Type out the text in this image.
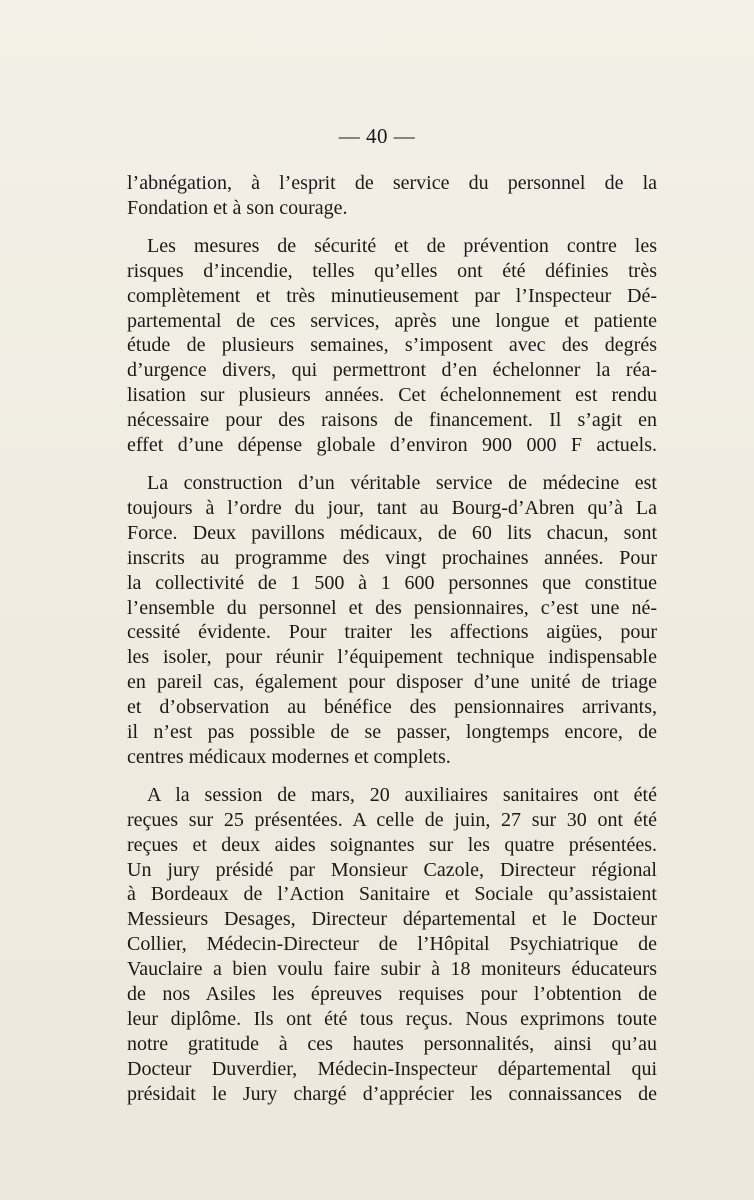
— 40 —
l’abnégation, à l’esprit de service du personnel de la
Fondation et à son courage.
Les mesures de sécurité et de prévention contre les
risques d’incendie, telles qu’elles ont été définies très
complètement et très minutieusement par l’Inspecteur Dé-
partemental de ces services, après une longue et patiente
étude de plusieurs semaines, s’imposent avec des degrés
d’urgence divers, qui permettront d’en échelonner la réa-
lisation sur plusieurs années. Cet échelonnement est rendu
nécessaire pour des raisons de financement. Il s’agit en
effet d’une dépense globale d’environ 900 000 F actuels.
La construction d’un véritable service de médecine est
toujours à l’ordre du jour, tant au Bourg-d’Abren qu’à La
Force. Deux pavillons médicaux, de 60 lits chacun, sont
inscrits au programme des vingt prochaines années. Pour
la collectivité de 1 500 à 1 600 personnes que constitue
l’ensemble du personnel et des pensionnaires, c’est une né-
cessité évidente. Pour traiter les affections aigües, pour
les isoler, pour réunir l’équipement technique indispensable
en pareil cas, également pour disposer d’une unité de triage
et d’observation au bénéfice des pensionnaires arrivants,
il n’est pas possible de se passer, longtemps encore, de
centres médicaux modernes et complets.
A la session de mars, 20 auxiliaires sanitaires ont été
reçues sur 25 présentées. A celle de juin, 27 sur 30 ont été
reçues et deux aides soignantes sur les quatre présentées.
Un jury présidé par Monsieur Cazole, Directeur régional
à Bordeaux de l’Action Sanitaire et Sociale qu’assistaient
Messieurs Desages, Directeur départemental et le Docteur
Collier, Médecin-Directeur de l’Hôpital Psychiatrique de
Vauclaire a bien voulu faire subir à 18 moniteurs éducateurs
de nos Asiles les épreuves requises pour l’obtention de
leur diplôme. Ils ont été tous reçus. Nous exprimons toute
notre gratitude à ces hautes personnalités, ainsi qu’au
Docteur Duverdier, Médecin-Inspecteur départemental qui
présidait le Jury chargé d’apprécier les connaissances de
